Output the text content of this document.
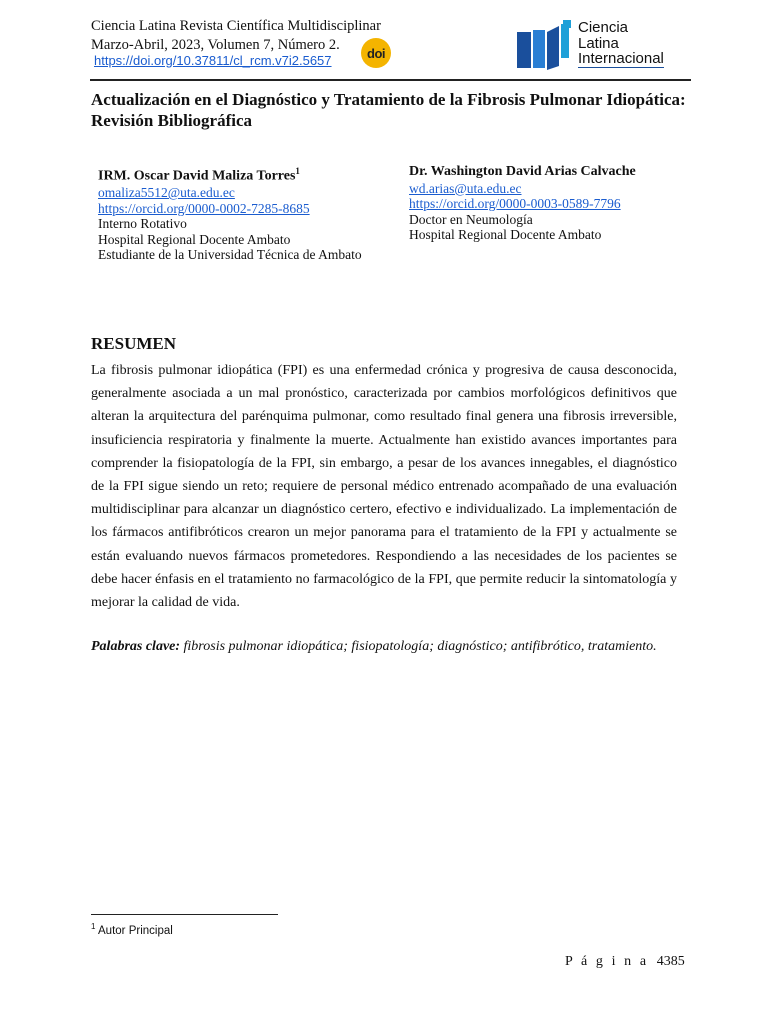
Ciencia Latina Revista Científica Multidisciplinar
Marzo-Abril, 2023, Volumen 7, Número 2.
https://doi.org/10.37811/cl_rcm.v7i2.5657	doi
Ciencia
Latina
Internacional
Actualización en el Diagnóstico y Tratamiento de la Fibrosis Pulmonar Idiopática: Revisión Bibliográfica
IRM. Oscar David Maliza Torres$^1$
omaliza5512@uta.edu.ec
https://orcid.org/0000-0002-7285-8685
Interno Rotativo
Hospital Regional Docente Ambato
Estudiante de la Universidad Técnica de Ambato
Dr. Washington David Arias Calvache
wd.arias@uta.edu.ec
https://orcid.org/0000-0003-0589-7796
Doctor en Neumología
Hospital Regional Docente Ambato
RESUMEN

La fibrosis pulmonar idiopática (FPI) es una enfermedad crónica y progresiva de causa desconocida, generalmente asociada a un mal pronóstico, caracterizada por cambios morfológicos definitivos que alteran la arquitectura del parénquima pulmonar, como resultado final genera una fibrosis irreversible, insuficiencia respiratoria y finalmente la muerte. Actualmente han existido avances importantes para comprender la fisiopatología de la FPI, sin embargo, a pesar de los avances innegables, el diagnóstico de la FPI sigue siendo un reto; requiere de personal médico entrenado acompañado de una evaluación multidisciplinar para alcanzar un diagnóstico certero, efectivo e individualizado. La implementación de los fármacos antifibróticos crearon un mejor panorama para el tratamiento de la FPI y actualmente se están evaluando nuevos fármacos prometedores. Respondiendo a las necesidades de los pacientes se debe hacer énfasis en el tratamiento no farmacológico de la FPI, que permite reducir la sintomatología y mejorar la calidad de vida.

Palabras clave: fibrosis pulmonar idiopática; fisiopatología; diagnóstico; antifibrótico, tratamiento.
$^1$ Autor Principal
P á g i n a 4385
